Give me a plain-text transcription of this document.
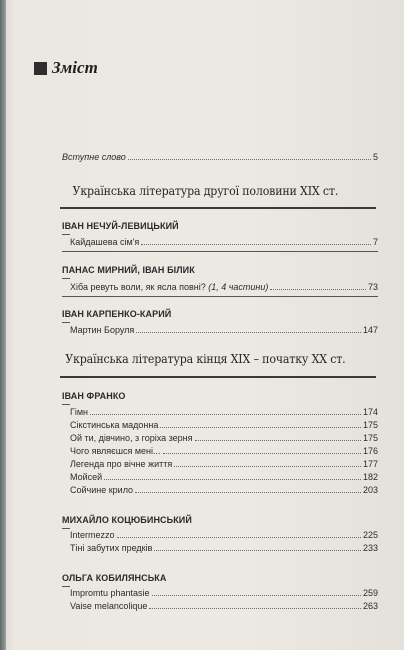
Зміст
Вступне слово	5
Українська література другої половини XIX ст.
ІВАН НЕЧУЙ-ЛЕВИЦЬКИЙ
Кайдашева сім'я	7
ПАНАС МИРНИЙ, ІВАН БІЛИК
Хіба ревуть воли, як ясла повні? (1, 4 частини)	73
ІВАН КАРПЕНКО-КАРИЙ
Мартин Боруля	147
Українська література кінця XIX – початку XX ст.
ІВАН ФРАНКО
Гімн	174
Сікстинська мадонна	175
Ой ти, дівчино, з горіха зерня	175
Чого являєшся мені...	176
Легенда про вічне життя	177
Мойсей	182
Сойчине крило	203
МИХАЙЛО КОЦЮБИНСЬКИЙ
Intermezzo	225
Тіні забутих предків	233
ОЛЬГА КОБИЛЯНСЬКА
Impromtu phantasie	259
Vaise melancolique	263
